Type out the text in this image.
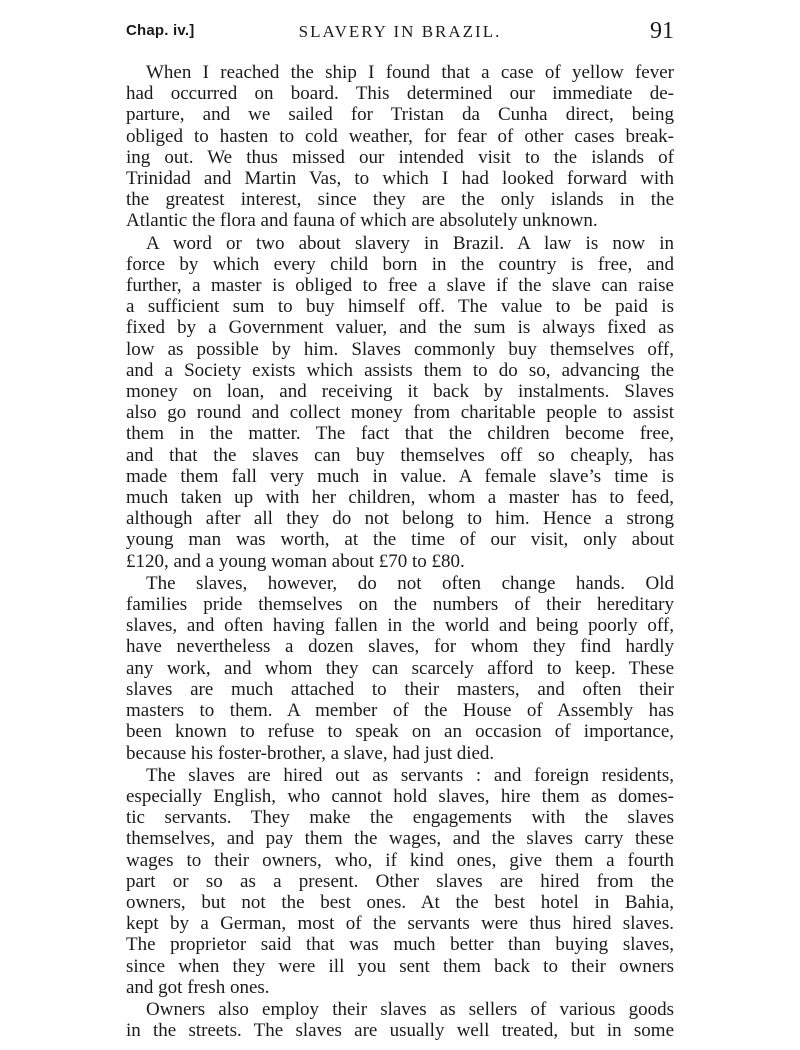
Chap. iv.]	SLAVERY IN BRAZIL.	91
When I reached the ship I found that a case of yellow fever
had occurred on board. This determined our immediate de-
parture, and we sailed for Tristan da Cunha direct, being
obliged to hasten to cold weather, for fear of other cases break-
ing out. We thus missed our intended visit to the islands of
Trinidad and Martin Vas, to which I had looked forward with
the greatest interest, since they are the only islands in the
Atlantic the flora and fauna of which are absolutely unknown.
A word or two about slavery in Brazil. A law is now in
force by which every child born in the country is free, and
further, a master is obliged to free a slave if the slave can raise
a sufficient sum to buy himself off. The value to be paid is
fixed by a Government valuer, and the sum is always fixed as
low as possible by him. Slaves commonly buy themselves off,
and a Society exists which assists them to do so, advancing the
money on loan, and receiving it back by instalments. Slaves
also go round and collect money from charitable people to assist
them in the matter. The fact that the children become free,
and that the slaves can buy themselves off so cheaply, has
made them fall very much in value. A female slave’s time is
much taken up with her children, whom a master has to feed,
although after all they do not belong to him. Hence a strong
young man was worth, at the time of our visit, only about
£120, and a young woman about £70 to £80.
The slaves, however, do not often change hands. Old
families pride themselves on the numbers of their hereditary
slaves, and often having fallen in the world and being poorly off,
have nevertheless a dozen slaves, for whom they find hardly
any work, and whom they can scarcely afford to keep. These
slaves are much attached to their masters, and often their
masters to them. A member of the House of Assembly has
been known to refuse to speak on an occasion of importance,
because his foster-brother, a slave, had just died.
The slaves are hired out as servants : and foreign residents,
especially English, who cannot hold slaves, hire them as domes-
tic servants. They make the engagements with the slaves
themselves, and pay them the wages, and the slaves carry these
wages to their owners, who, if kind ones, give them a fourth
part or so as a present. Other slaves are hired from the
owners, but not the best ones. At the best hotel in Bahia,
kept by a German, most of the servants were thus hired slaves.
The proprietor said that was much better than buying slaves,
since when they were ill you sent them back to their owners
and got fresh ones.
Owners also employ their slaves as sellers of various goods
in the streets. The slaves are usually well treated, but in some
